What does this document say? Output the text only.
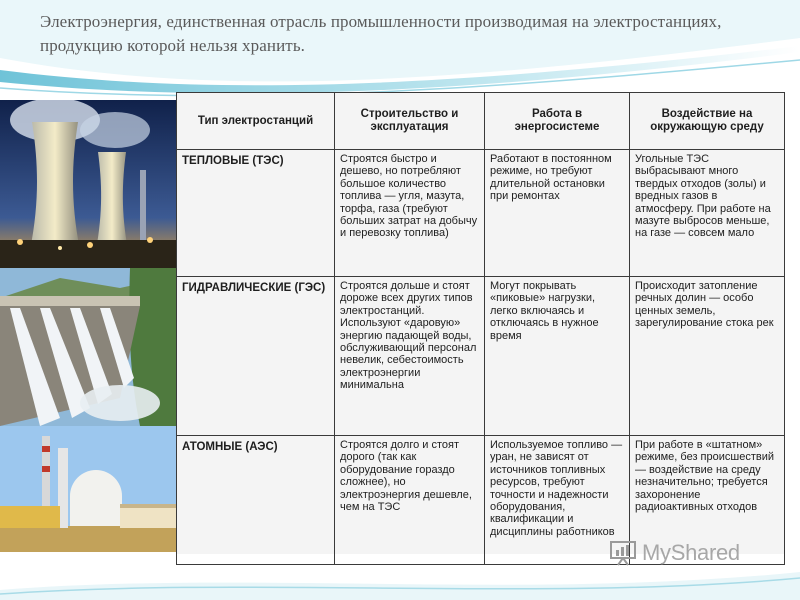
Электроэнергия, единственная отрасль промышленности производимая на электростанциях, продукцию которой нельзя хранить.
Тип электростанций	Строительство и эксплуатация	Работа в энергосистеме	Воздействие на окружающую среду
ТЕПЛОВЫЕ (ТЭС)	Строятся быстро и дешево, но потребляют большое количество топлива — угля, мазута, торфа, газа (требуют больших затрат на добычу и перевозку топлива)	Работают в постоянном режиме, но требуют длительной остановки при ремонтах	Угольные ТЭС выбрасывают много твердых отходов (золы) и вредных газов в атмосферу. При работе на мазуте выбросов меньше, на газе — совсем мало
ГИДРАВЛИЧЕСКИЕ (ГЭС)	Строятся дольше и стоят дороже всех других типов электростанций. Используют «даровую» энергию падающей воды, обслуживающий персонал невелик, себестоимость электроэнергии минимальна	Могут покрывать «пиковые» нагрузки, легко включаясь и отключаясь в нужное время	Происходит затопление речных долин — особо ценных земель, зарегулирование стока рек
АТОМНЫЕ (АЭС)	Строятся долго и стоят дорого (так как оборудование гораздо сложнее), но электроэнергия дешевле, чем на ТЭС	Используемое топливо — уран, не зависят от источников топливных ресурсов, требуют точности и надежности оборудования, квалификации и дисциплины работников	При работе в «штатном» режиме, без происшествий — воздействие на среду незначительно; требуется захоронение радиоактивных отходов
MyShared
